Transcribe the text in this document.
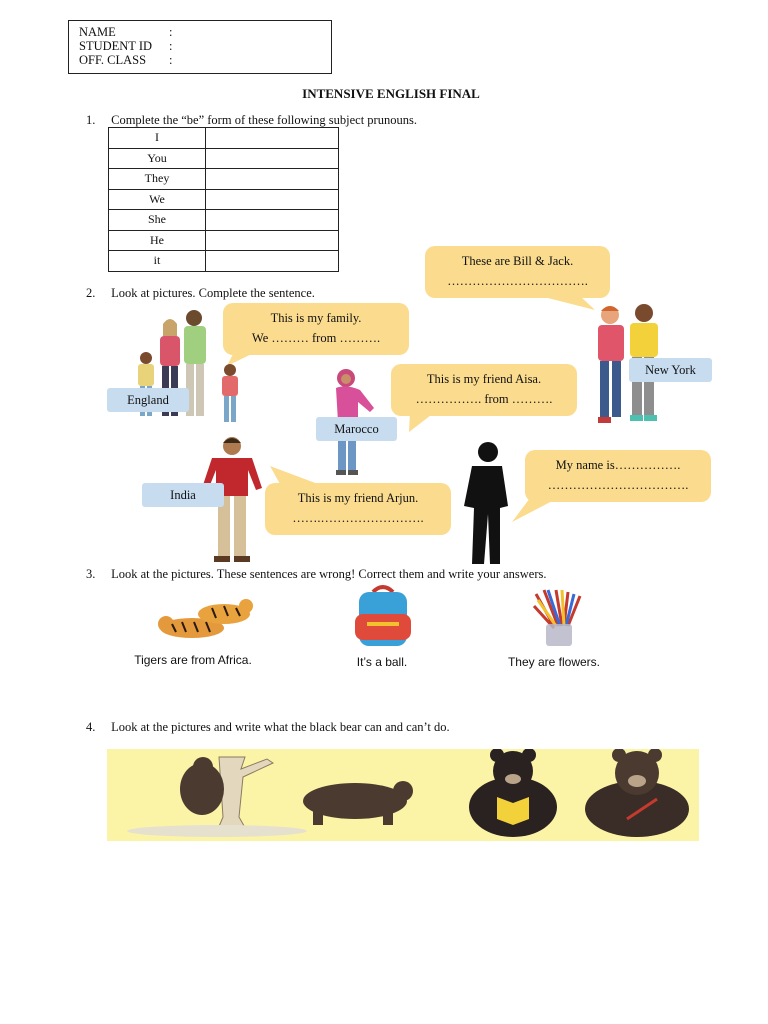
NAME	:
STUDENT ID	:
OFF. CLASS	:
INTENSIVE ENGLISH FINAL
1. Complete the “be” form of these following subject prunouns.
I	
You	
They	
We	
She	
He	
it	
2. Look at pictures. Complete the sentence.
These are Bill & Jack.
…………………………….
This is my family.
We ……… from ……….
This is my friend Aisa.
……………. from ……….
My name is…………….
…………………………….
This is my friend Arjun.
…….…………………….
England
Marocco
New York
India
3. Look at the pictures. These sentences are wrong! Correct them and write your answers.
Tigers are from Africa.	It’s a ball.	They are flowers.
4. Look at the pictures and write what the black bear can and can’t do.
